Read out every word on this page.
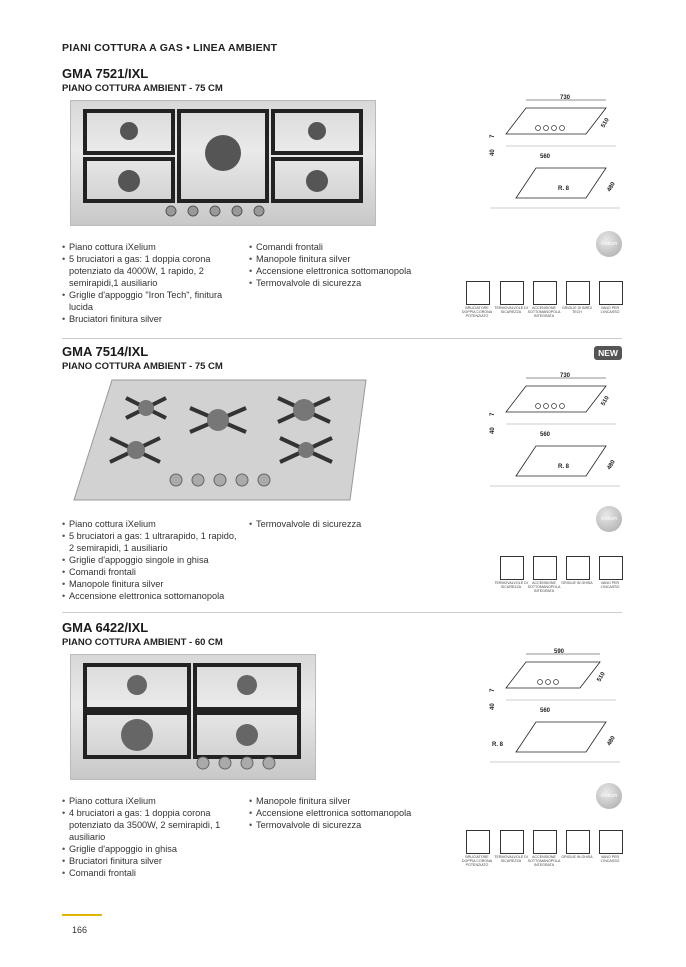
PIANI COTTURA A GAS • LINEA AMBIENT
GMA 7521/IXL
PIANO COTTURA AMBIENT - 75 CM
• Piano cottura iXelium
• 5 bruciatori a gas: 1 doppia corona potenziato da 4000W, 1 rapido, 2 semirapidi,1 ausiliario
• Griglie d'appoggio "Iron Tech", finitura lucida
• Bruciatori finitura silver
• Comandi frontali
• Manopole finitura silver
• Accensione elettronica sottomanopola
• Termovalvole di sicurezza
730
510
40
7
560
R. 8	480
iXelium
BRUCIATORE DOPPIA CORONA POTENZIATO
TERMOVALVOLE DI SICUREZZA
ACCENSIONE SOTTOMANOPOLA INTEGRATA
GRIGLIE DI BIRDI TECH
VANO PER L'INCASSO
GMA 7514/IXL
PIANO COTTURA AMBIENT - 75 CM
NEW
• Piano cottura iXelium
• 5 bruciatori a gas: 1 ultrarapido, 1 rapido, 2 semirapidi, 1 ausiliario
• Griglie d'appoggio singole in ghisa
• Comandi frontali
• Manopole finitura silver
• Accensione elettronica sottomanopola
• Termovalvole di sicurezza
730
510
40
7
560
R. 8	480
iXelium
TERMOVALVOLE DI SICUREZZA
ACCENSIONE SOTTOMANOPOLA INTEGRATA
GRIGLIE IN GHISA	VANO PER L'INCASSO
GMA 6422/IXL
PIANO COTTURA AMBIENT - 60 CM
• Piano cottura iXelium
• 4 bruciatori a gas: 1 doppia corona potenziato da 3500W, 2 semirapidi, 1 ausiliario
• Griglie d'appoggio in ghisa
• Bruciatori finitura silver
• Comandi frontali
• Manopole finitura silver
• Accensione elettronica sottomanopola
• Termovalvole di sicurezza
590
510
40
7
560
R. 8	480
iXelium
BRUCIATORE DOPPIA CORONA POTENZIATO
TERMOVALVOLE DI SICUREZZA
ACCENSIONE SOTTOMANOPOLA INTEGRATA
GRIGLIE IN GHISA	VANO PER L'INCASSO
166
